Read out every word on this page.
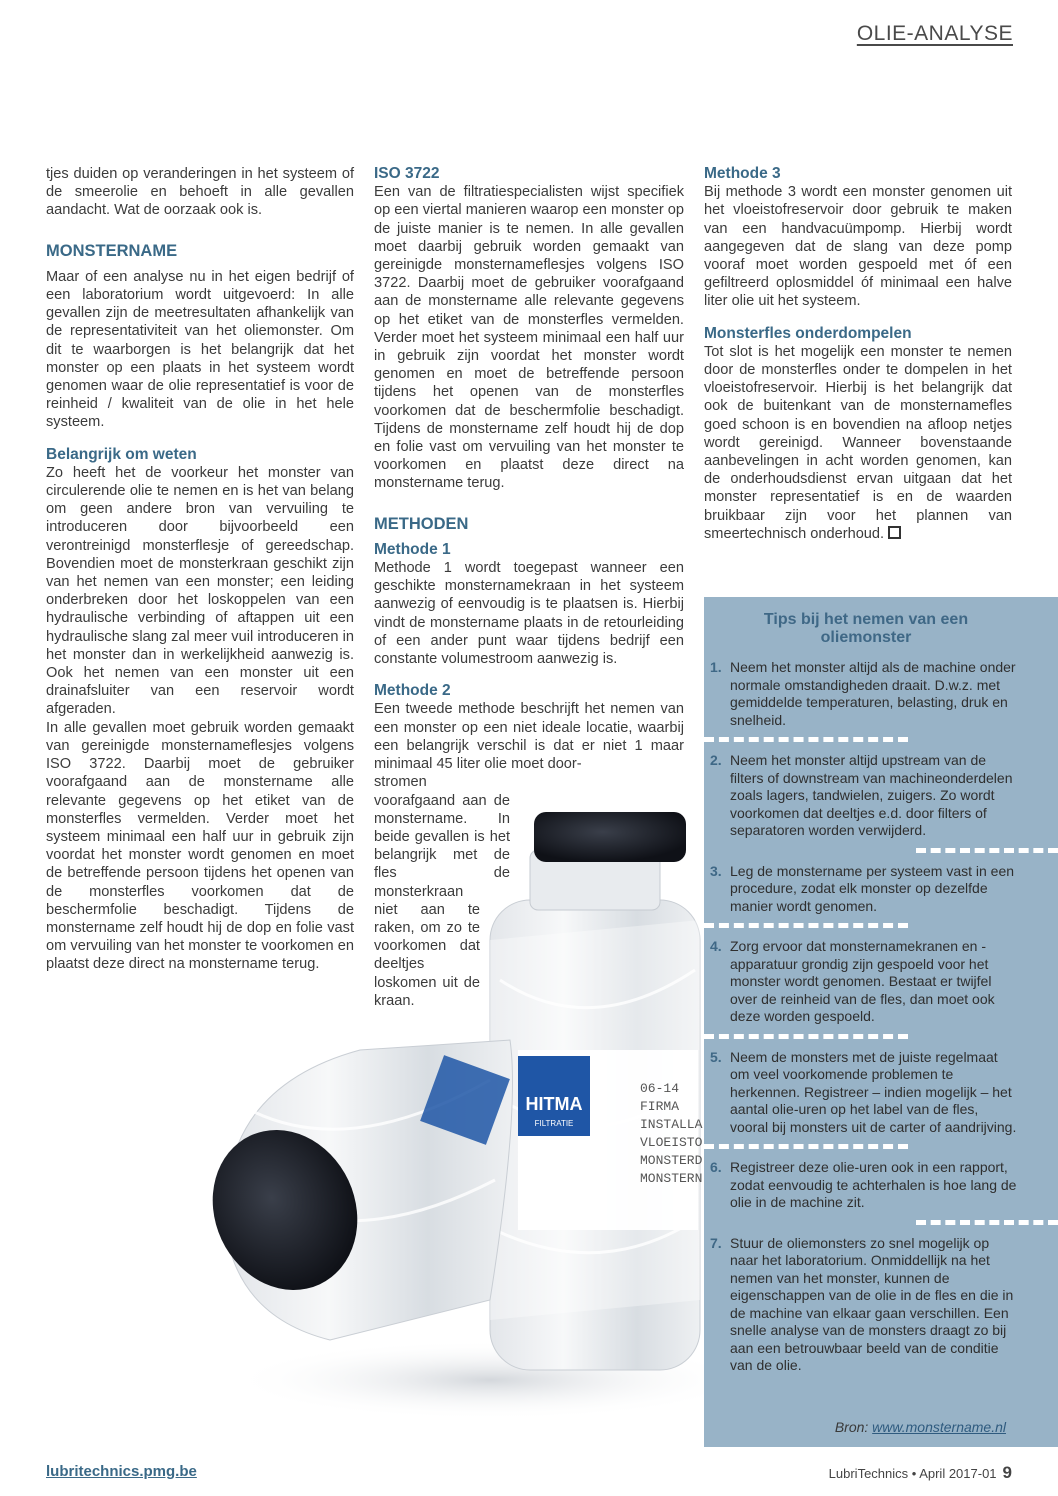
OLIE-ANALYSE

tjes duiden op veranderingen in het systeem of de smeerolie en behoeft in alle gevallen aandacht. Wat de oorzaak ook is.

MONSTERNAME

Maar of een analyse nu in het eigen bedrijf of een laboratorium wordt uitgevoerd: In alle gevallen zijn de meetresultaten afhankelijk van de representativiteit van het oliemonster. Om dit te waarborgen is het belangrijk dat het monster op een plaats in het systeem wordt genomen waar de olie representatief is voor de reinheid / kwaliteit van de olie in het hele systeem.

Belangrijk om weten

Zo heeft het de voorkeur het monster van circulerende olie te nemen en is het van belang om geen andere bron van vervuiling te introduceren door bijvoorbeeld een verontreinigd monsterflesje of gereedschap. Bovendien moet de monsterkraan geschikt zijn van het nemen van een monster; een leiding onderbreken door het loskoppelen van een hydraulische verbinding of aftappen uit een hydraulische slang zal meer vuil introduceren in het monster dan in werkelijkheid aanwezig is. Ook het nemen van een monster uit een drainafsluiter van een reservoir wordt afgeraden.

In alle gevallen moet gebruik worden gemaakt van gereinigde monsternameflesjes volgens ISO 3722. Daarbij moet de gebruiker voorafgaand aan de monstername alle relevante gegevens op het etiket van de monsterfles vermelden. Verder moet het systeem minimaal een half uur in gebruik zijn voordat het monster wordt genomen en moet de betreffende persoon tijdens het openen van de monsterfles voorkomen dat de beschermfolie beschadigt. Tijdens de monstername zelf houdt hij de dop en folie vast om vervuiling van het monster te voorkomen en plaatst deze direct na monstername terug.

ISO 3722

Een van de filtratiespecialisten wijst specifiek op een viertal manieren waarop een monster op de juiste manier is te nemen. In alle gevallen moet daarbij gebruik worden gemaakt van gereinigde monsternameflesjes volgens ISO 3722. Daarbij moet de gebruiker voorafgaand aan de monstername alle relevante gegevens op het etiket van de monsterfles vermelden. Verder moet het systeem minimaal een half uur in gebruik zijn voordat het monster wordt genomen en moet de betreffende persoon tijdens het openen van de monsterfles voorkomen dat de beschermfolie beschadigt. Tijdens de monstername zelf houdt hij de dop en folie vast om vervuiling van het monster te voorkomen en plaatst deze direct na monstername terug.

METHODEN
Methode 1

Methode 1 wordt toegepast wanneer een geschikte monsternamekraan in het systeem aanwezig of eenvoudig is te plaatsen is. Hierbij vindt de monstername plaats in de retourleiding of een ander punt waar tijdens bedrijf een constante volumestroom aanwezig is.

Methode 2

Een tweede methode beschrijft het nemen van een monster op een niet ideale locatie, waarbij een belangrijk verschil is dat er niet 1 maar minimaal 45 liter olie moet door-

stromen voorafgaand aan de monstername. In beide gevallen is het belangrijk met de fles de monsterkraan

niet aan te raken, om zo te voorkomen dat deeltjes loskomen uit de kraan.

Methode 3

Bij methode 3 wordt een monster genomen uit het vloeistofreservoir door gebruik te maken van een handvacuümpomp. Hierbij wordt aangegeven dat de slang van deze pomp vooraf moet worden gespoeld met óf een gefiltreerd oplosmiddel óf minimaal een halve liter olie uit het systeem.

Monsterfles onderdompelen

Tot slot is het mogelijk een monster te nemen door de monsterfles onder te dompelen in het vloeistofreservoir. Hierbij is het belangrijk dat ook de buitenkant van de monsternamefles goed schoon is en bovendien na afloop netjes wordt gereinigd. Wanneer bovenstaande aanbevelingen in acht worden genomen, kan de onderhoudsdienst ervan uitgaan dat het monster representatief is en de waarden bruikbaar zijn voor het plannen van smeertechnisch onderhoud.

HITMA
FILTRATIE
06-14
FIRMA
INSTALLA
VLOEISTO
MONSTERD
MONSTERN
Tips bij het nemen van een oliemonster
1. Neem het monster altijd als de machine onder normale omstandigheden draait. D.w.z. met gemiddelde temperaturen, belasting, druk en snelheid.
2. Neem het monster altijd upstream van de filters of downstream van machineonderdelen zoals lagers, tandwielen, zuigers. Zo wordt voorkomen dat deeltjes e.d. door filters of separatoren worden verwijderd.
3. Leg de monstername per systeem vast in een procedure, zodat elk monster op dezelfde manier wordt genomen.
4. Zorg ervoor dat monsternamekranen en -apparatuur grondig zijn gespoeld voor het monster wordt genomen. Bestaat er twijfel over de reinheid van de fles, dan moet ook deze worden gespoeld.
5. Neem de monsters met de juiste regelmaat om veel voorkomende problemen te herkennen. Registreer – indien mogelijk – het aantal olie-uren op het label van de fles, vooral bij monsters uit de carter of aandrijving.
6. Registreer deze olie-uren ook in een rapport, zodat eenvoudig te achterhalen is hoe lang de olie in de machine zit.
7. Stuur de oliemonsters zo snel mogelijk op naar het laboratorium. Onmiddellijk na het nemen van het monster, kunnen de eigenschappen van de olie in de fles en die in de machine van elkaar gaan verschillen. Een snelle analyse van de monsters draagt zo bij aan een betrouwbaar beeld van de conditie van de olie.
Bron: www.monstername.nl
lubritechnics.pmg.be	LubriTechnics • April 2017-01 9
